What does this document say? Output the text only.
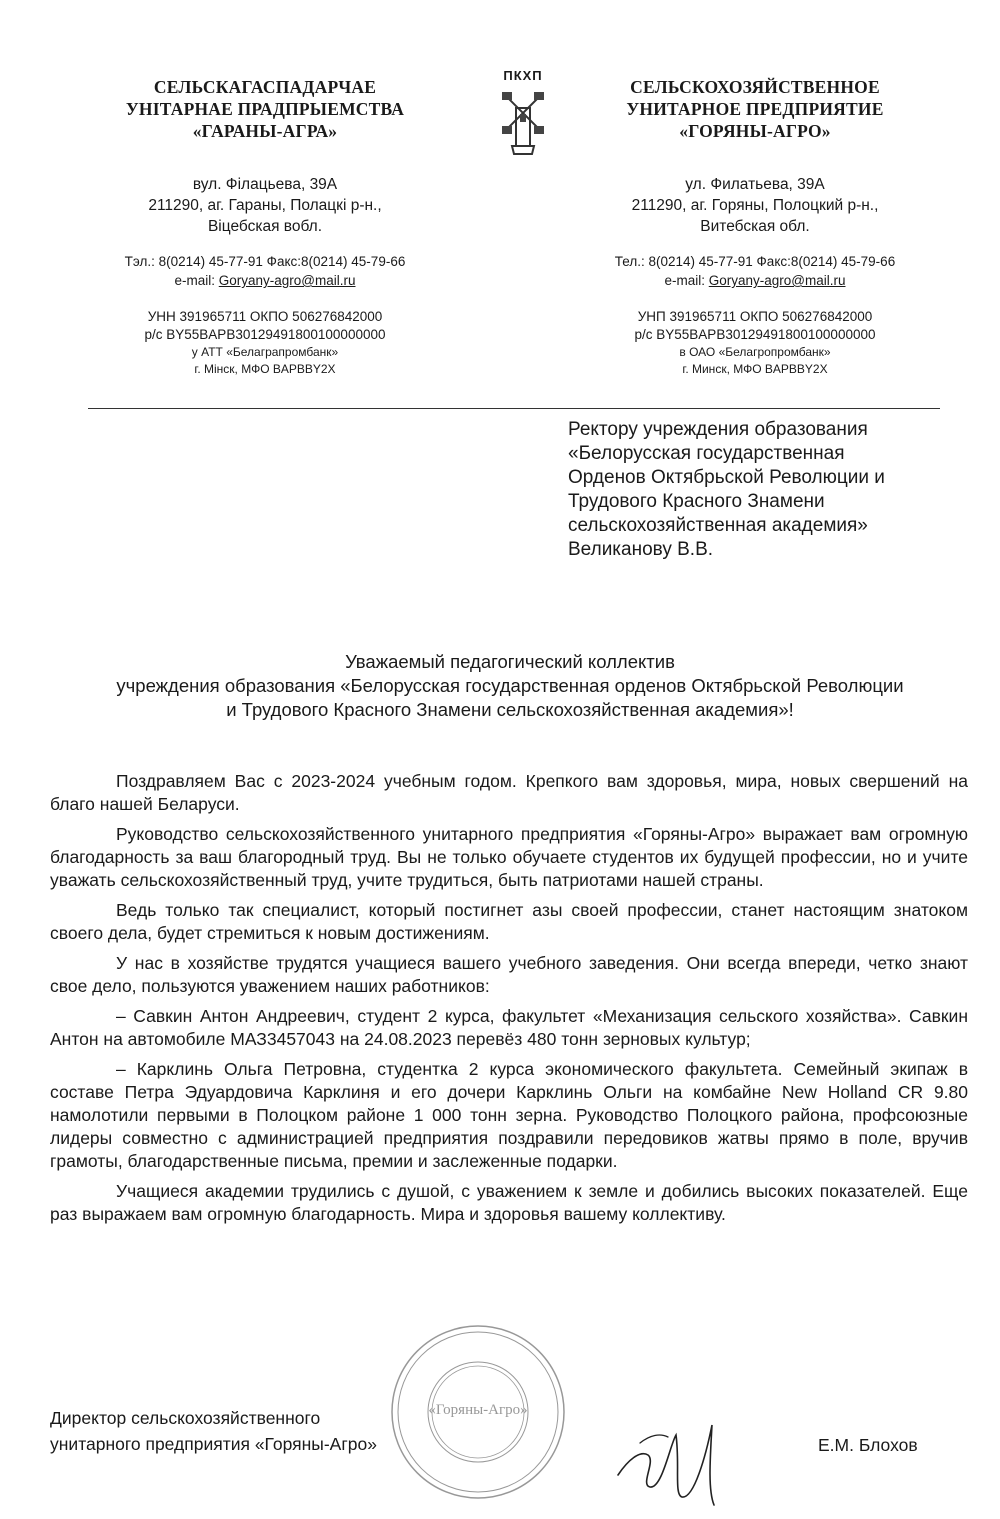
СЕЛЬСКАГАСПАДАРЧАЕ
УНІТАРНАЕ ПРАДПРЫЕМСТВА
«ГАРАНЫ-АГРА»
вул. Філацьева, 39А
211290, аг. Гараны, Полацкі р-н.,
Віцебская вобл.
Тэл.: 8(0214) 45-77-91 Факс:8(0214) 45-79-66
e-mail: Goryany-agro@mail.ru
УНН 391965711 ОКПО 506276842000
р/с BY55BAPB30129491800100000000
у АТТ «Белаграпромбанк»
г. Мінск, МФО BAPBBY2X
ПКХП
СЕЛЬСКОХОЗЯЙСТВЕННОЕ
УНИТАРНОЕ ПРЕДПРИЯТИЕ
«ГОРЯНЫ-АГРО»
ул. Филатьева, 39А
211290, аг. Горяны, Полоцкий р-н.,
Витебская обл.
Тел.: 8(0214) 45-77-91 Факс:8(0214) 45-79-66
e-mail: Goryany-agro@mail.ru
УНП 391965711 ОКПО 506276842000
р/с BY55BAPB30129491800100000000
в ОАО «Белагропромбанк»
г. Минск, МФО BAPBBY2X
Ректору учреждения образования
«Белорусская государственная
Орденов Октябрьской Революции и
Трудового Красного Знамени
сельскохозяйственная академия»
Великанову В.В.
Уважаемый педагогический коллектив
учреждения образования «Белорусская государственная орденов Октябрьской Революции
и Трудового Красного Знамени сельскохозяйственная академия»!

Поздравляем Вас с 2023-2024 учебным годом. Крепкого вам здоровья, мира, новых свершений на благо нашей Беларуси.

Руководство сельскохозяйственного унитарного предприятия «Горяны-Агро» выражает вам огромную благодарность за ваш благородный труд. Вы не только обучаете студентов их будущей профессии, но и учите уважать сельскохозяйственный труд, учите трудиться, быть патриотами нашей страны.

Ведь только так специалист, который постигнет азы своей профессии, станет настоящим знатоком своего дела, будет стремиться к новым достижениям.

У нас в хозяйстве трудятся учащиеся вашего учебного заведения. Они всегда впереди, четко знают свое дело, пользуются уважением наших работников:

– Савкин Антон Андреевич, студент 2 курса, факультет «Механизация сельского хозяйства». Савкин Антон на автомобиле МАЗ3457043 на 24.08.2023 перевёз 480 тонн зерновых культур;

– Карклинь Ольга Петровна, студентка 2 курса экономического факультета. Семейный экипаж в составе Петра Эдуардовича Карклиня и его дочери Карклинь Ольги на комбайне New Holland CR 9.80 намолотили первыми в Полоцком районе 1 000 тонн зерна. Руководство Полоцкого района, профсоюзные лидеры совместно с администрацией предприятия поздравили передовиков жатвы прямо в поле, вручив грамоты, благодарственные письма, премии и заслеженные подарки.

Учащиеся академии трудились с душой, с уважением к земле и добились высоких показателей. Еще раз выражаем вам огромную благодарность. Мира и здоровья вашему коллективу.

«Горяны-Агро»
Директор сельскохозяйственного
унитарного предприятия «Горяны-Агро»	Е.М. Блохов
